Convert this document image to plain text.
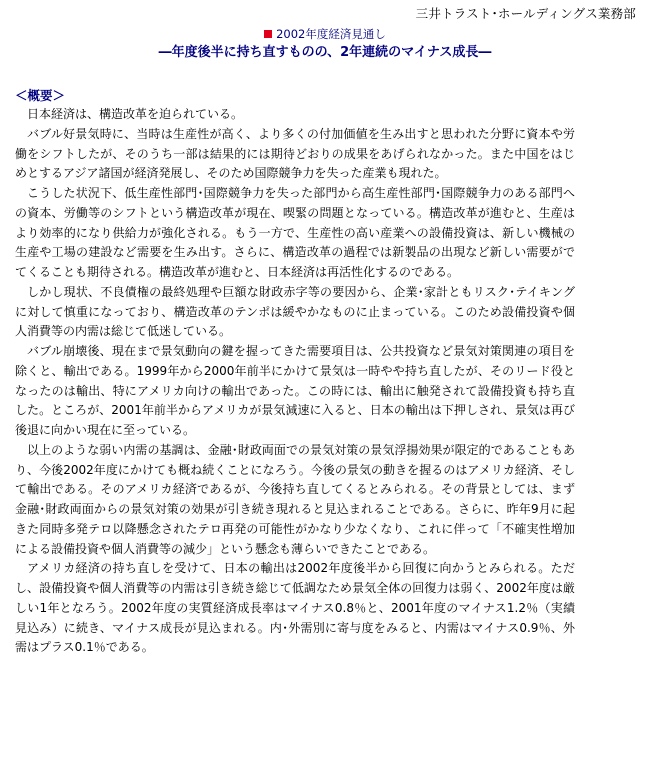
三井トラスト･ホールディングス業務部
2002年度経済見通し
―年度後半に持ち直すものの、2年連続のマイナス成長―
＜概要＞

日本経済は、構造改革を迫られている。

バブル好景気時に、当時は生産性が高く、より多くの付加価値を生み出すと思われた分野に資本や労働をシフトしたが、そのうち一部は結果的には期待どおりの成果をあげられなかった。また中国をはじめとするアジア諸国が経済発展し、そのため国際競争力を失った産業も現れた。

こうした状況下、低生産性部門･国際競争力を失った部門から高生産性部門･国際競争力のある部門への資本、労働等のシフトという構造改革が現在、喫緊の問題となっている。構造改革が進むと、生産はより効率的になり供給力が強化される。もう一方で、生産性の高い産業への設備投資は、新しい機械の生産や工場の建設など需要を生み出す。さらに、構造改革の過程では新製品の出現など新しい需要がでてくることも期待される。構造改革が進むと、日本経済は再活性化するのである。

しかし現状、不良債権の最終処理や巨額な財政赤字等の要因から、企業･家計ともリスク･テイキングに対して慎重になっており、構造改革のテンポは緩やかなものに止まっている。このため設備投資や個人消費等の内需は総じて低迷している。

バブル崩壊後、現在まで景気動向の鍵を握ってきた需要項目は、公共投資など景気対策関連の項目を除くと、輸出である。1999年から2000年前半にかけて景気は一時やや持ち直したが、そのリード役となったのは輸出、特にアメリカ向けの輸出であった。この時には、輸出に触発されて設備投資も持ち直した。ところが、2001年前半からアメリカが景気減速に入ると、日本の輸出は下押しされ、景気は再び後退に向かい現在に至っている。

以上のような弱い内需の基調は、金融･財政両面での景気対策の景気浮揚効果が限定的であることもあり、今後2002年度にかけても概ね続くことになろう。今後の景気の動きを握るのはアメリカ経済、そして輸出である。そのアメリカ経済であるが、今後持ち直してくるとみられる。その背景としては、まず金融･財政両面からの景気対策の効果が引き続き現れると見込まれることである。さらに、昨年9月に起きた同時多発テロ以降懸念されたテロ再発の可能性がかなり少なくなり、これに伴って「不確実性増加による設備投資や個人消費等の減少」という懸念も薄らいできたことである。

アメリカ経済の持ち直しを受けて、日本の輸出は2002年度後半から回復に向かうとみられる。ただし、設備投資や個人消費等の内需は引き続き総じて低調なため景気全体の回復力は弱く、2002年度は厳しい1年となろう。2002年度の実質経済成長率はマイナス0.8％と、2001年度のマイナス1.2％（実績見込み）に続き、マイナス成長が見込まれる。内･外需別に寄与度をみると、内需はマイナス0.9％、外需はプラス0.1％である。
